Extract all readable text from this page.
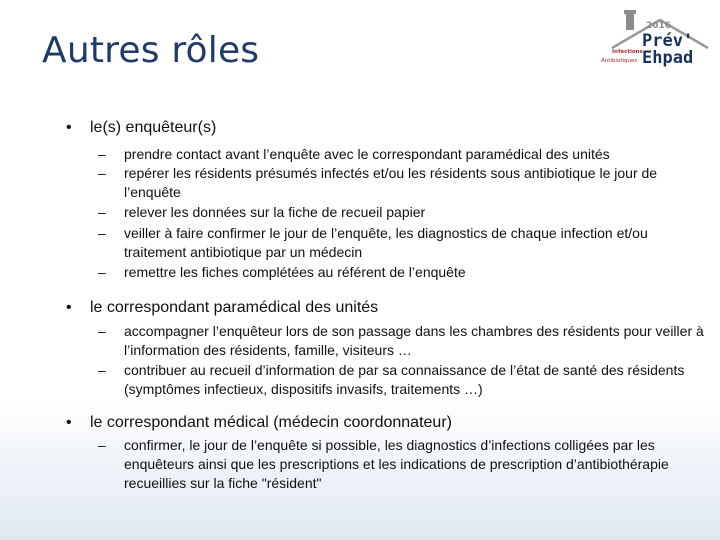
Autres rôles
2016
Prév'
Ehpad
Infections
Antibiotiques
• le(s) enquêteur(s)
– prendre contact avant l’enquête avec le correspondant paramédical des unités
– repérer les résidents présumés infectés et/ou les résidents sous antibiotique le jour de l’enquête
– relever les données sur la fiche de recueil papier
– veiller à faire confirmer le jour de l’enquête, les diagnostics de chaque infection et/ou traitement antibiotique par un médecin
– remettre les fiches complétées au référent de l’enquête
• le correspondant paramédical des unités
– accompagner l’enquêteur lors de son passage dans les chambres des résidents pour veiller à l’information des résidents, famille, visiteurs …
– contribuer au recueil d’information de par sa connaissance de l’état de santé des résidents (symptômes infectieux, dispositifs invasifs, traitements …)
• le correspondant médical (médecin coordonnateur)
– confirmer, le jour de l’enquête si possible, les diagnostics d’infections colligées par les enquêteurs ainsi que les prescriptions et les indications de prescription d’antibiothérapie recueillies sur la fiche "résident"
